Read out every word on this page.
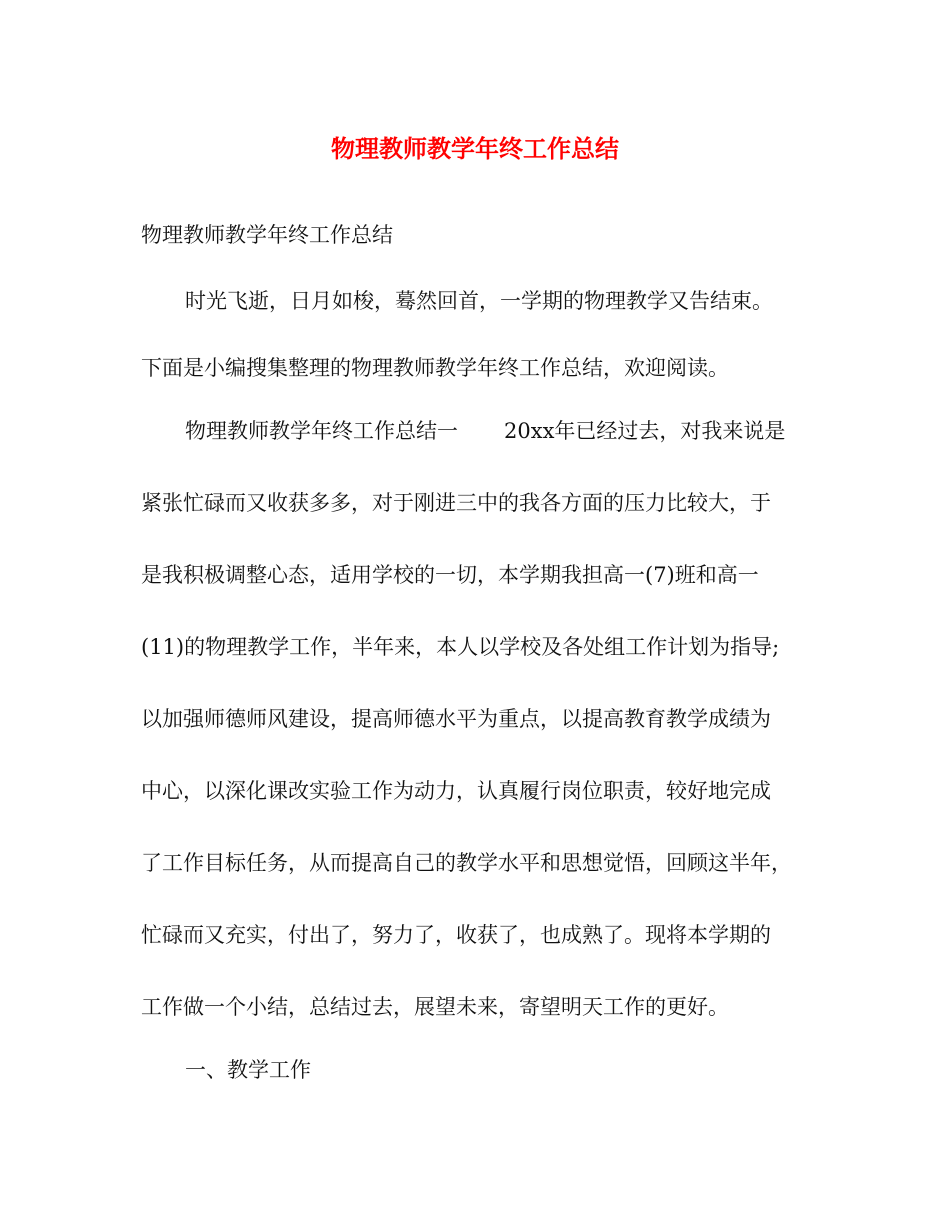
物理教师教学年终工作总结
物理教师教学年终工作总结
时光飞逝，日月如梭，蓦然回首，一学期的物理教学又告结束。
下面是小编搜集整理的物理教师教学年终工作总结，欢迎阅读。
物理教师教学年终工作总结一 20xx年已经过去，对我来说是
紧张忙碌而又收获多多，对于刚进三中的我各方面的压力比较大，于
是我积极调整心态，适用学校的一切，本学期我担高一(7)班和高一
(11)的物理教学工作，半年来，本人以学校及各处组工作计划为指导;
以加强师德师风建设，提高师德水平为重点，以提高教育教学成绩为
中心，以深化课改实验工作为动力，认真履行岗位职责，较好地完成
了工作目标任务，从而提高自己的教学水平和思想觉悟，回顾这半年，
忙碌而又充实，付出了，努力了，收获了，也成熟了。现将本学期的
工作做一个小结，总结过去，展望未来，寄望明天工作的更好。
一、教学工作
